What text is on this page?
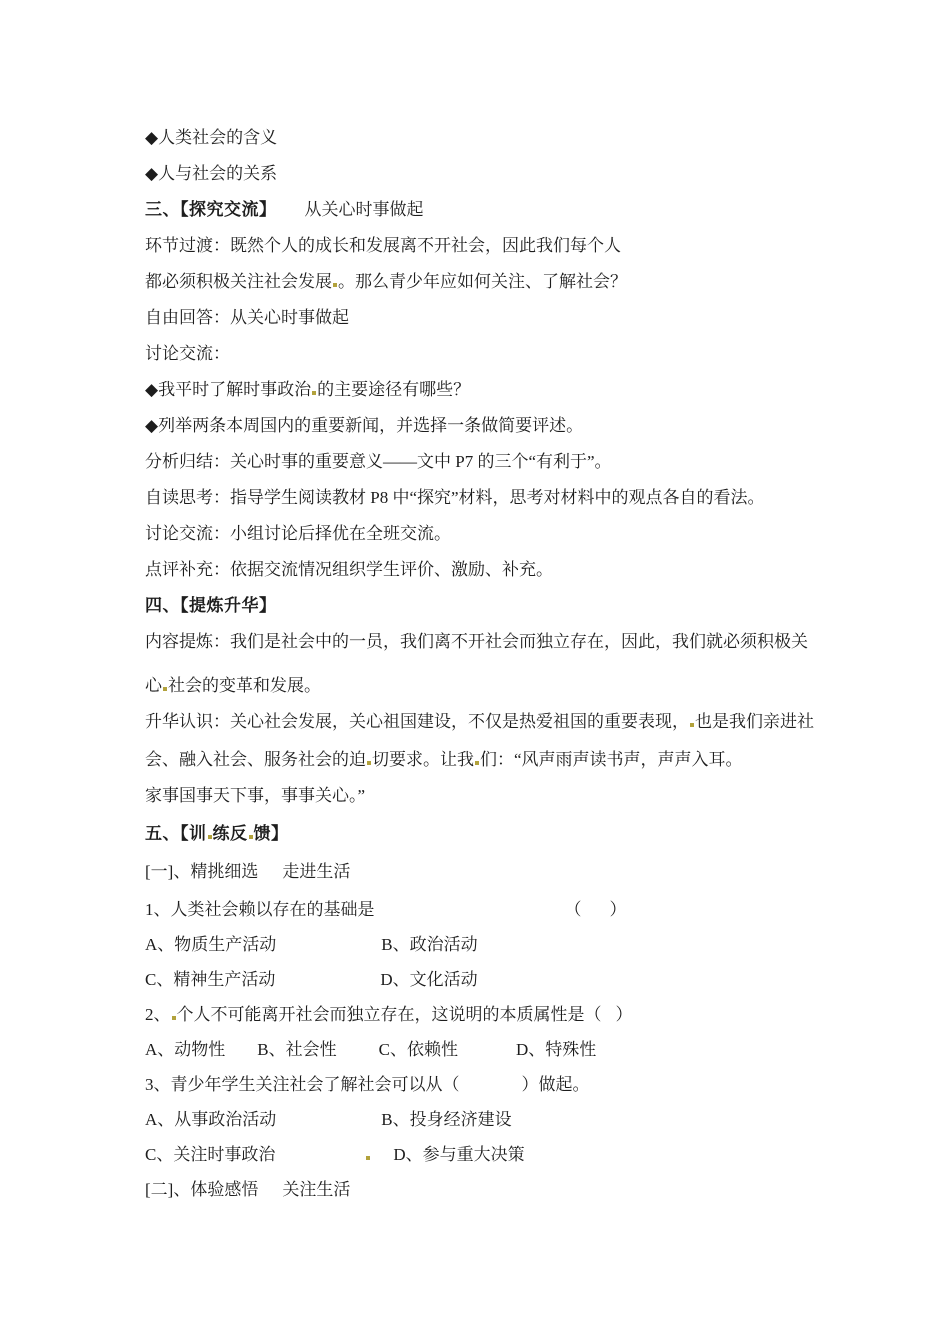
◆人类社会的含义
◆人与社会的关系
三、【探究交流】 从关心时事做起
环节过渡：既然个人的成长和发展离不开社会，因此我们每个人
都必须积极关注社会发展 。那么青少年应如何关注、了解社会？
自由回答：从关心时事做起
讨论交流：
◆我平时了解时事政治 的主要途径有哪些？
◆列举两条本周国内的重要新闻，并选择一条做简要评述。
分析归结：关心时事的重要意义——文中 P7 的三个“有利于”。
自读思考：指导学生阅读教材 P8 中“探究”材料，思考对材料中的观点各自的看法。
讨论交流：小组讨论后择优在全班交流。
点评补充：依据交流情况组织学生评价、激励、补充。
四、【提炼升华】
内容提炼：我们是社会中的一员，我们离不开社会而独立存在，因此，我们就必须积极关
心 社会的变革和发展。
升华认识：关心社会发展，关心祖国建设，不仅是热爱祖国的重要表现， 也是我们亲进社
会、融入社会、服务社会的迫 切要求。让我 们：“风声雨声读书声，声声入耳。
家事国事天下事，事事关心。”
五、【训 练反 馈】
[一]、精挑细选 走进生活
1、人类社会赖以存在的基础是	（ ）
A、物质生产活动	B、政治活动
C、精神生产活动	D、文化活动
2、 个人不可能离开社会而独立存在，这说明的本质属性是（ ）
A、动物性 B、社会性 C、依赖性	D、特殊性
3、青少年学生关注社会了解社会可以从（	）做起。
A、从事政治活动	B、投身经济建设
C、关注时事政治	D、参与重大决策
[二]、体验感悟 关注生活
